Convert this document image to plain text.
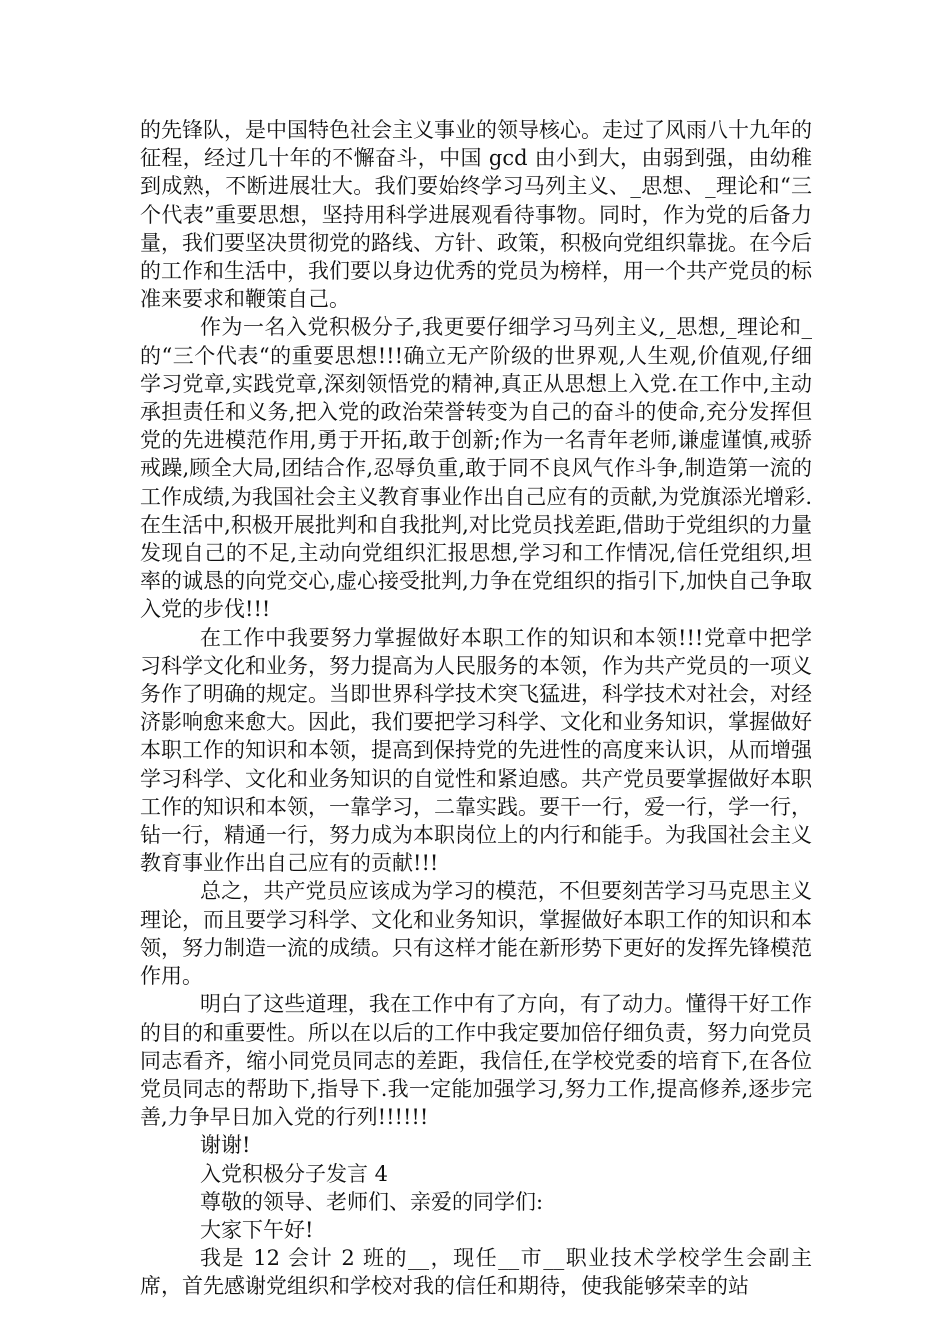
的先锋队，是中国特色社会主义事业的领导核心。走过了风雨八十九年的征程，经过几十年的不懈奋斗，中国 gcd 由小到大，由弱到强，由幼稚到成熟，不断进展壮大。我们要始终学习马列主义、_思想、_理论和“三个代表”重要思想，坚持用科学进展观看待事物。同时，作为党的后备力量，我们要坚决贯彻党的路线、方针、政策，积极向党组织靠拢。在今后的工作和生活中，我们要以身边优秀的党员为榜样，用一个共产党员的标准来要求和鞭策自己。

作为一名入党积极分子,我更要仔细学习马列主义,_思想,_理论和_的“三个代表“的重要思想!!!确立无产阶级的世界观,人生观,价值观,仔细学习党章,实践党章,深刻领悟党的精神,真正从思想上入党.在工作中,主动承担责任和义务,把入党的政治荣誉转变为自己的奋斗的使命,充分发挥但党的先进模范作用,勇于开拓,敢于创新;作为一名青年老师,谦虚谨慎,戒骄戒躁,顾全大局,团结合作,忍辱负重,敢于同不良风气作斗争,制造第一流的工作成绩,为我国社会主义教育事业作出自己应有的贡献,为党旗添光增彩.在生活中,积极开展批判和自我批判,对比党员找差距,借助于党组织的力量发现自己的不足,主动向党组织汇报思想,学习和工作情况,信任党组织,坦率的诚恳的向党交心,虚心接受批判,力争在党组织的指引下,加快自己争取入党的步伐!!!

在工作中我要努力掌握做好本职工作的知识和本领!!!党章中把学习科学文化和业务，努力提高为人民服务的本领，作为共产党员的一项义务作了明确的规定。当即世界科学技术突飞猛进，科学技术对社会，对经济影响愈来愈大。因此，我们要把学习科学、文化和业务知识，掌握做好本职工作的知识和本领，提高到保持党的先进性的高度来认识，从而增强学习科学、文化和业务知识的自觉性和紧迫感。共产党员要掌握做好本职工作的知识和本领，一靠学习，二靠实践。要干一行，爱一行，学一行，钻一行，精通一行，努力成为本职岗位上的内行和能手。为我国社会主义教育事业作出自己应有的贡献!!!

总之，共产党员应该成为学习的模范，不但要刻苦学习马克思主义理论，而且要学习科学、文化和业务知识，掌握做好本职工作的知识和本领，努力制造一流的成绩。只有这样才能在新形势下更好的发挥先锋模范作用。

明白了这些道理，我在工作中有了方向，有了动力。懂得干好工作的目的和重要性。所以在以后的工作中我定要加倍仔细负责，努力向党员同志看齐，缩小同党员同志的差距，我信任,在学校党委的培育下,在各位党员同志的帮助下,指导下.我一定能加强学习,努力工作,提高修养,逐步完善,力争早日加入党的行列!!!!!!

谢谢!

入党积极分子发言 4

尊敬的领导、老师们、亲爱的同学们:

大家下午好!

我是 12 会计 2 班的__，现任__市__职业技术学校学生会副主席，首先感谢党组织和学校对我的信任和期待，使我能够荣幸的站
